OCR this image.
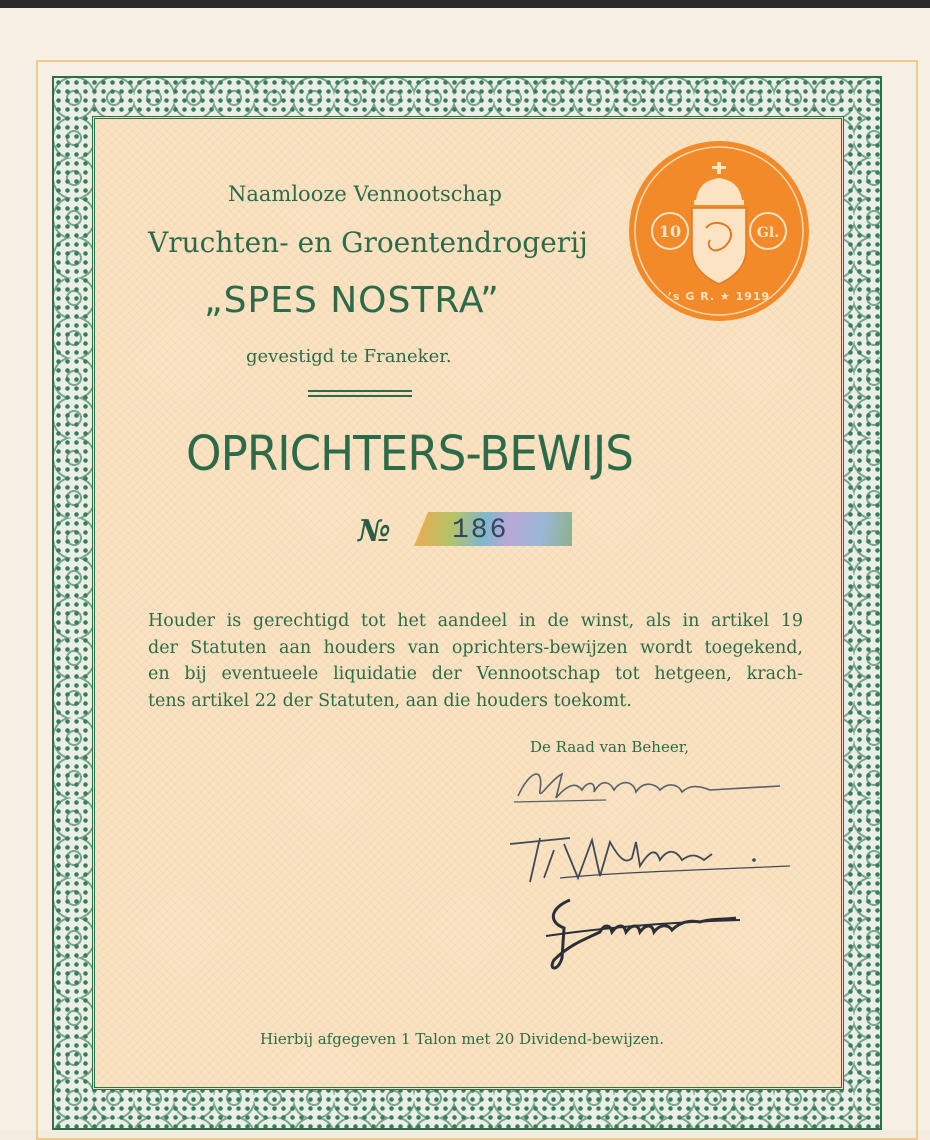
Naamlooze Vennootschap
Vruchten- en Groentendrogerij
„SPES NOSTRA”
gevestigd te Franeker.
OPRICHTERS-BEWIJS
№ 186
Houder is gerechtigd tot het aandeel in de winst, als in artikel 19
der Statuten aan houders van oprichters-bewijzen wordt toegekend,
en bij eventueele liquidatie der Vennootschap tot hetgeen, krach-
tens artikel 22 der Statuten, aan die houders toekomt.
De Raad van Beheer,
Hierbij afgegeven 1 Talon met 20 Dividend-bewijzen.
10	Gl.
’s G R. ★ 1919
